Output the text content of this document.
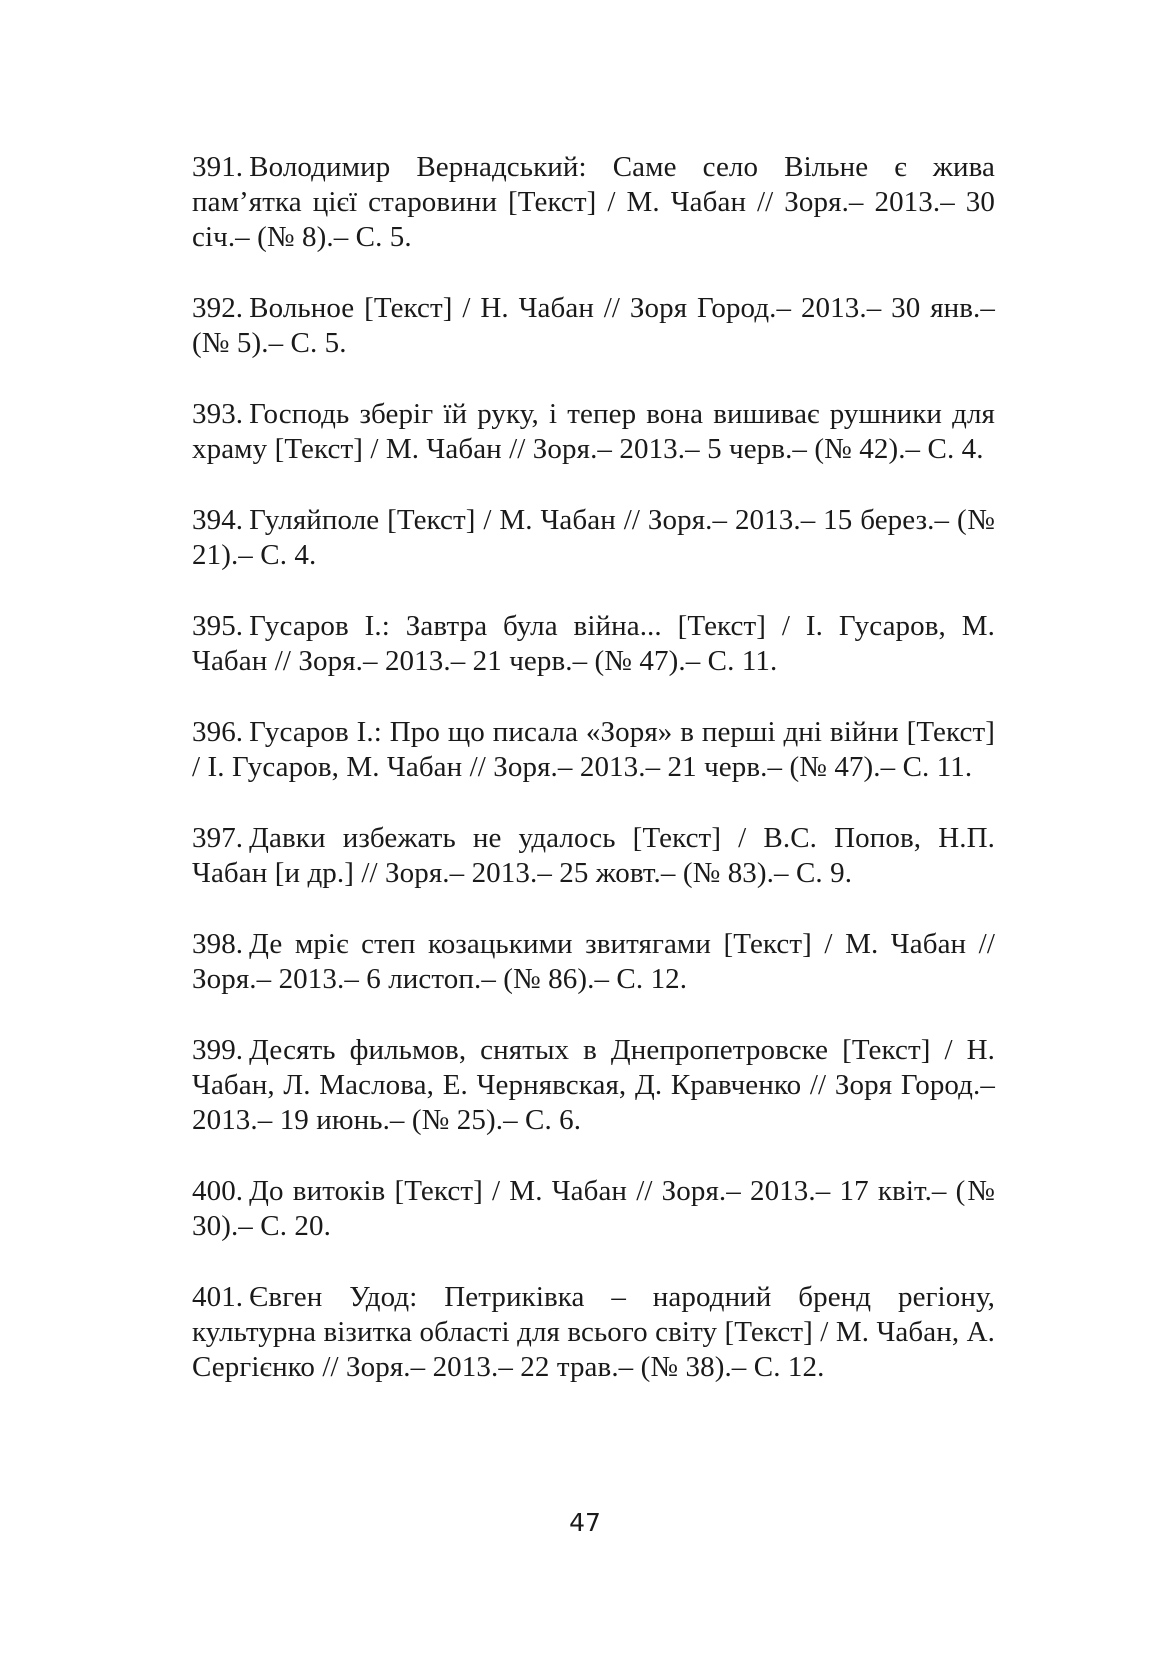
391. Володимир Вернадський: Саме село Вільне є жива пам’ятка цієї старовини [Текст] / М. Чабан // Зоря.– 2013.– 30 січ.– (№ 8).– С. 5.

392. Вольное [Текст] / Н. Чабан // Зоря Город.– 2013.– 30 янв.– (№ 5).– С. 5.

393. Господь зберіг їй руку, і тепер вона вишиває рушники для храму [Текст] / М. Чабан // Зоря.– 2013.– 5 черв.– (№ 42).– С. 4.

394. Гуляйполе [Текст] / М. Чабан // Зоря.– 2013.– 15 берез.– (№ 21).– С. 4.

395. Гусаров І.: Завтра була війна... [Текст] / І. Гусаров, М. Чабан // Зоря.– 2013.– 21 черв.– (№ 47).– С. 11.

396. Гусаров І.: Про що писала «Зоря» в перші дні війни [Текст] / І. Гусаров, М. Чабан // Зоря.– 2013.– 21 черв.– (№ 47).– С. 11.

397. Давки избежать не удалось [Текст] / В.С. Попов, Н.П. Чабан [и др.] // Зоря.– 2013.– 25 жовт.– (№ 83).– С. 9.

398. Де мріє степ козацькими звитягами [Текст] / М. Чабан // Зоря.– 2013.– 6 листоп.– (№ 86).– С. 12.

399. Десять фильмов, снятых в Днепропетровске [Текст] / Н. Чабан, Л. Маслова, Е. Чернявская, Д. Кравченко // Зоря Город.– 2013.– 19 июнь.– (№ 25).– С. 6.

400. До витоків [Текст] / М. Чабан // Зоря.– 2013.– 17 квіт.– (№ 30).– С. 20.

401. Євген Удод: Петриківка – народний бренд регіону, культурна візитка області для всього світу [Текст] / М. Чабан, А. Сергієнко // Зоря.– 2013.– 22 трав.– (№ 38).– С. 12.

47
